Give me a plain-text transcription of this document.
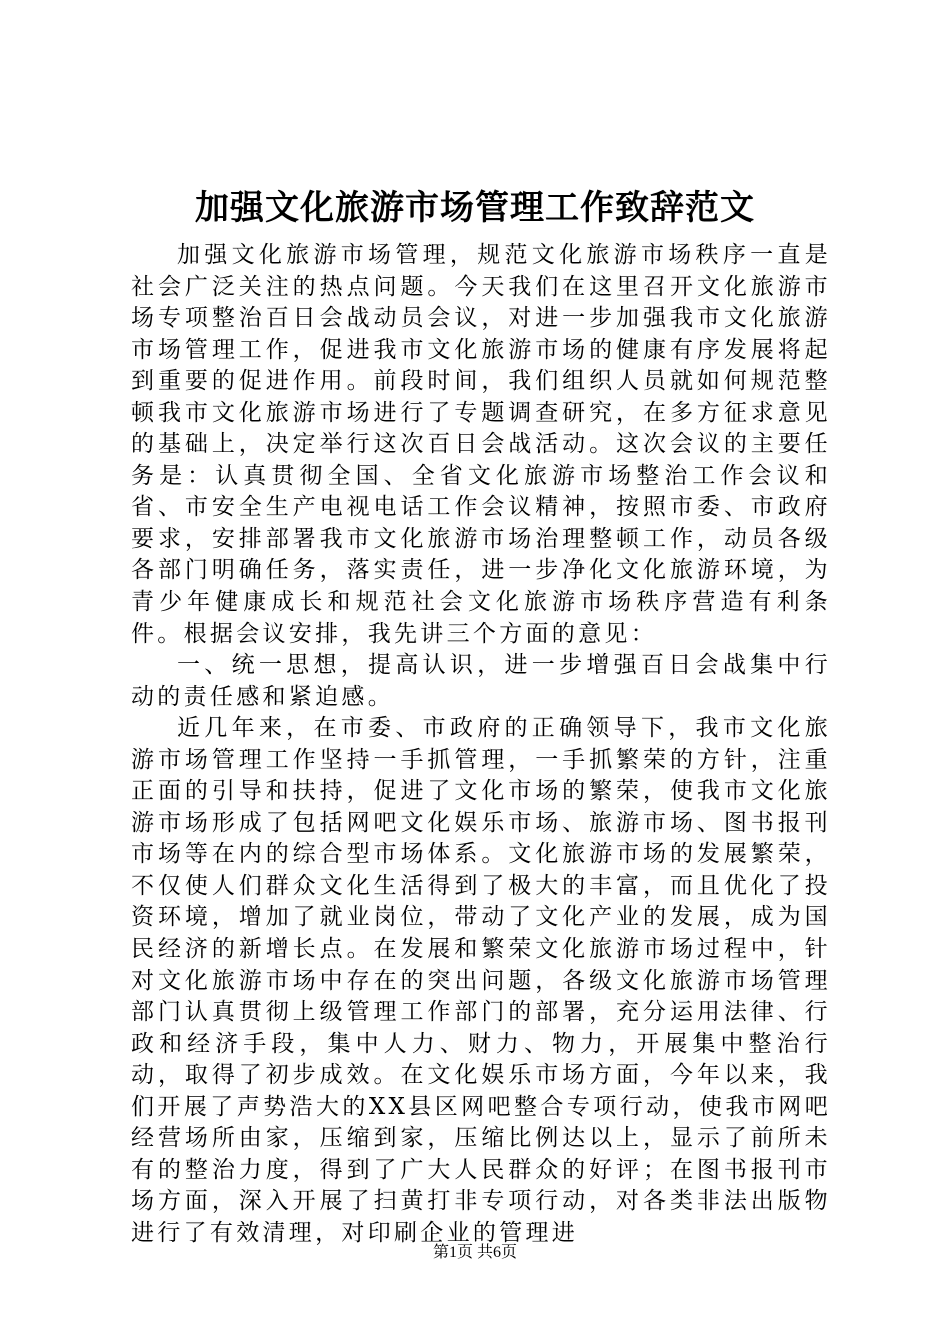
加强文化旅游市场管理工作致辞范文

加强文化旅游市场管理，规范文化旅游市场秩序一直是社会广泛关注的热点问题。今天我们在这里召开文化旅游市场专项整治百日会战动员会议，对进一步加强我市文化旅游市场管理工作，促进我市文化旅游市场的健康有序发展将起到重要的促进作用。前段时间，我们组织人员就如何规范整顿我市文化旅游市场进行了专题调查研究，在多方征求意见的基础上，决定举行这次百日会战活动。这次会议的主要任务是：认真贯彻全国、全省文化旅游市场整治工作会议和省、市安全生产电视电话工作会议精神，按照市委、市政府要求，安排部署我市文化旅游市场治理整顿工作，动员各级各部门明确任务，落实责任，进一步净化文化旅游环境，为青少年健康成长和规范社会文化旅游市场秩序营造有利条件。根据会议安排，我先讲三个方面的意见：

一、统一思想，提高认识，进一步增强百日会战集中行动的责任感和紧迫感。

近几年来，在市委、市政府的正确领导下，我市文化旅游市场管理工作坚持一手抓管理，一手抓繁荣的方针，注重正面的引导和扶持，促进了文化市场的繁荣，使我市文化旅游市场形成了包括网吧文化娱乐市场、旅游市场、图书报刊市场等在内的综合型市场体系。文化旅游市场的发展繁荣，不仅使人们群众文化生活得到了极大的丰富，而且优化了投资环境，增加了就业岗位，带动了文化产业的发展，成为国民经济的新增长点。在发展和繁荣文化旅游市场过程中，针对文化旅游市场中存在的突出问题，各级文化旅游市场管理部门认真贯彻上级管理工作部门的部署，充分运用法律、行政和经济手段，集中人力、财力、物力，开展集中整治行动，取得了初步成效。在文化娱乐市场方面，今年以来，我们开展了声势浩大的XX县区网吧整合专项行动，使我市网吧经营场所由家，压缩到家，压缩比例达以上，显示了前所未有的整治力度，得到了广大人民群众的好评；在图书报刊市场方面，深入开展了扫黄打非专项行动，对各类非法出版物进行了有效清理，对印刷企业的管理进

第1页 共6页
